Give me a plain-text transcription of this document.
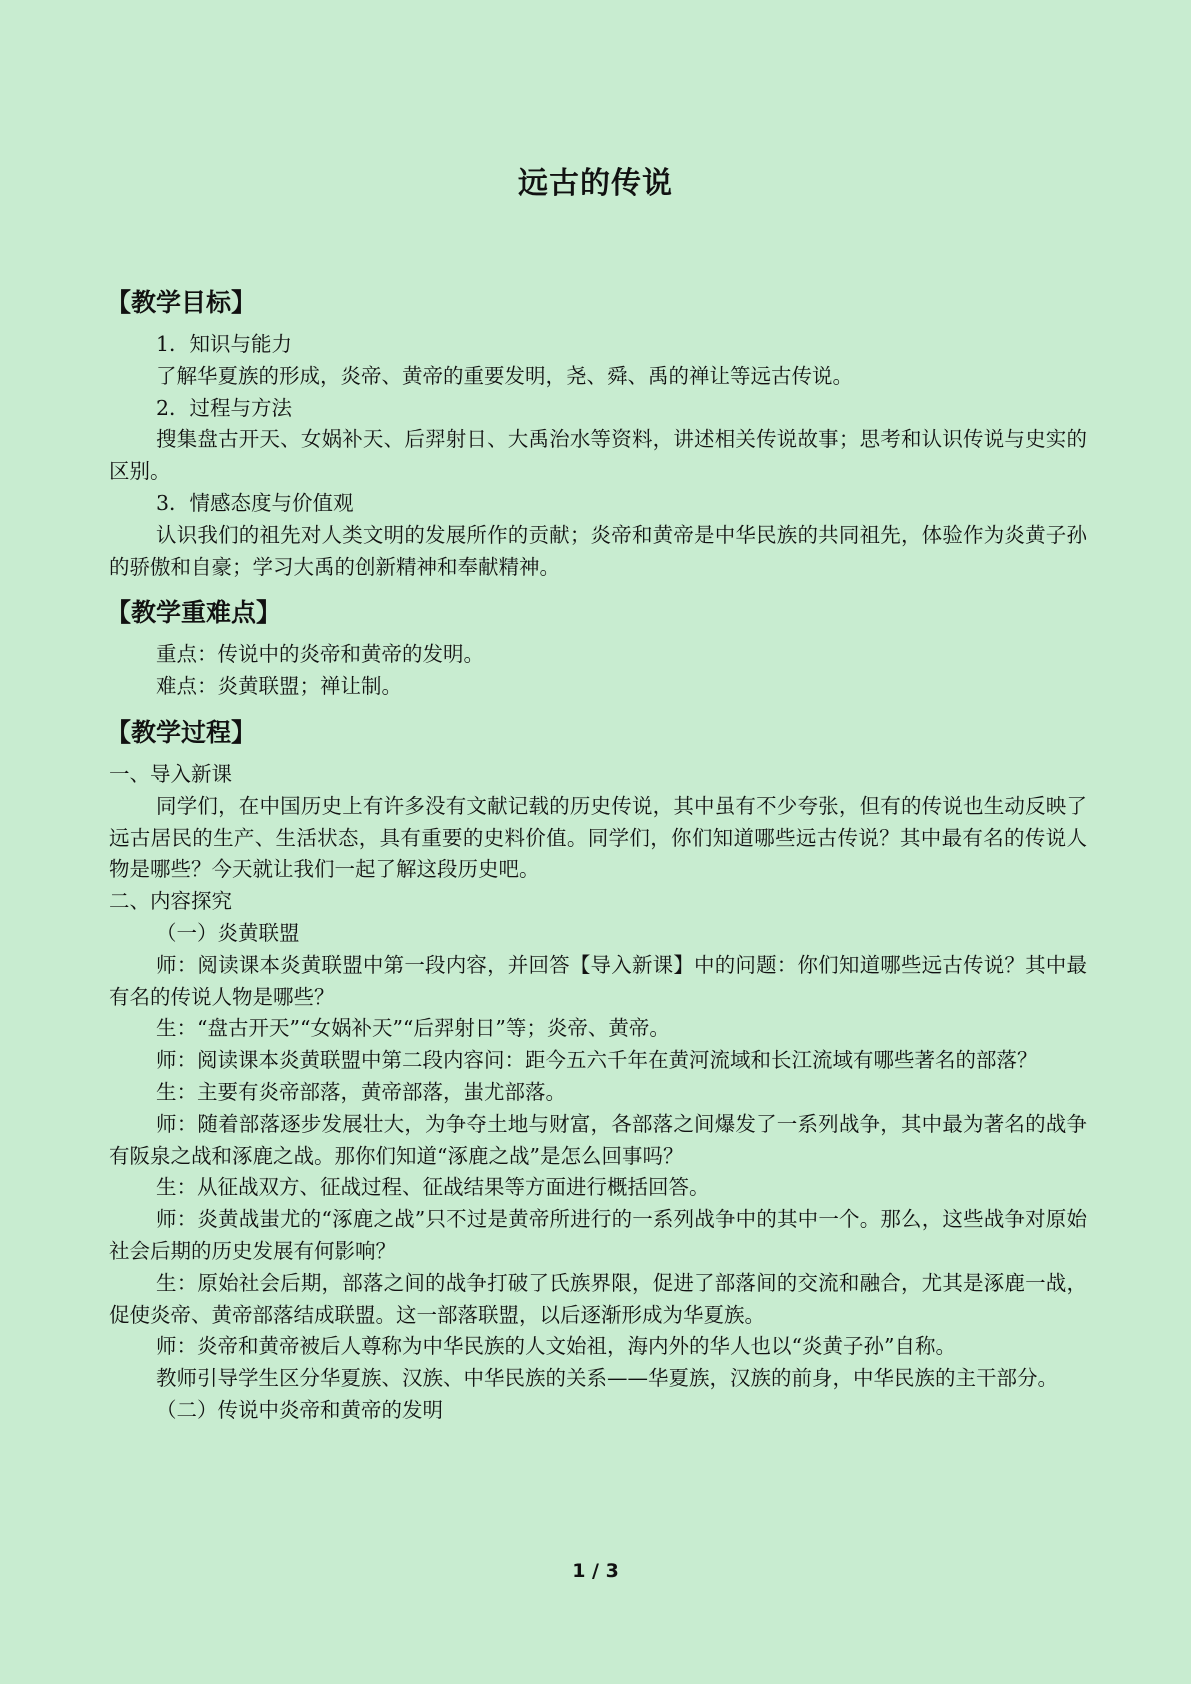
远古的传说
【教学目标】

1．知识与能力

了解华夏族的形成，炎帝、黄帝的重要发明，尧、舜、禹的禅让等远古传说。

2．过程与方法

搜集盘古开天、女娲补天、后羿射日、大禹治水等资料，讲述相关传说故事；思考和认识传说与史实的区别。

3．情感态度与价值观

认识我们的祖先对人类文明的发展所作的贡献；炎帝和黄帝是中华民族的共同祖先，体验作为炎黄子孙的骄傲和自豪；学习大禹的创新精神和奉献精神。

【教学重难点】

重点：传说中的炎帝和黄帝的发明。

难点：炎黄联盟；禅让制。

【教学过程】

一、导入新课

同学们，在中国历史上有许多没有文献记载的历史传说，其中虽有不少夸张，但有的传说也生动反映了远古居民的生产、生活状态，具有重要的史料价值。同学们，你们知道哪些远古传说？其中最有名的传说人物是哪些？今天就让我们一起了解这段历史吧。

二、内容探究

（一）炎黄联盟

师：阅读课本炎黄联盟中第一段内容，并回答【导入新课】中的问题：你们知道哪些远古传说？其中最有名的传说人物是哪些？

生：“盘古开天”“女娲补天”“后羿射日”等；炎帝、黄帝。

师：阅读课本炎黄联盟中第二段内容问：距今五六千年在黄河流域和长江流域有哪些著名的部落？

生：主要有炎帝部落，黄帝部落，蚩尤部落。

师：随着部落逐步发展壮大，为争夺土地与财富，各部落之间爆发了一系列战争，其中最为著名的战争有阪泉之战和涿鹿之战。那你们知道“涿鹿之战”是怎么回事吗？

生：从征战双方、征战过程、征战结果等方面进行概括回答。

师：炎黄战蚩尤的“涿鹿之战”只不过是黄帝所进行的一系列战争中的其中一个。那么，这些战争对原始社会后期的历史发展有何影响？

生：原始社会后期，部落之间的战争打破了氏族界限，促进了部落间的交流和融合，尤其是涿鹿一战，促使炎帝、黄帝部落结成联盟。这一部落联盟，以后逐渐形成为华夏族。

师：炎帝和黄帝被后人尊称为中华民族的人文始祖，海内外的华人也以“炎黄子孙”自称。

教师引导学生区分华夏族、汉族、中华民族的关系——华夏族，汉族的前身，中华民族的主干部分。

（二）传说中炎帝和黄帝的发明

1 / 3
